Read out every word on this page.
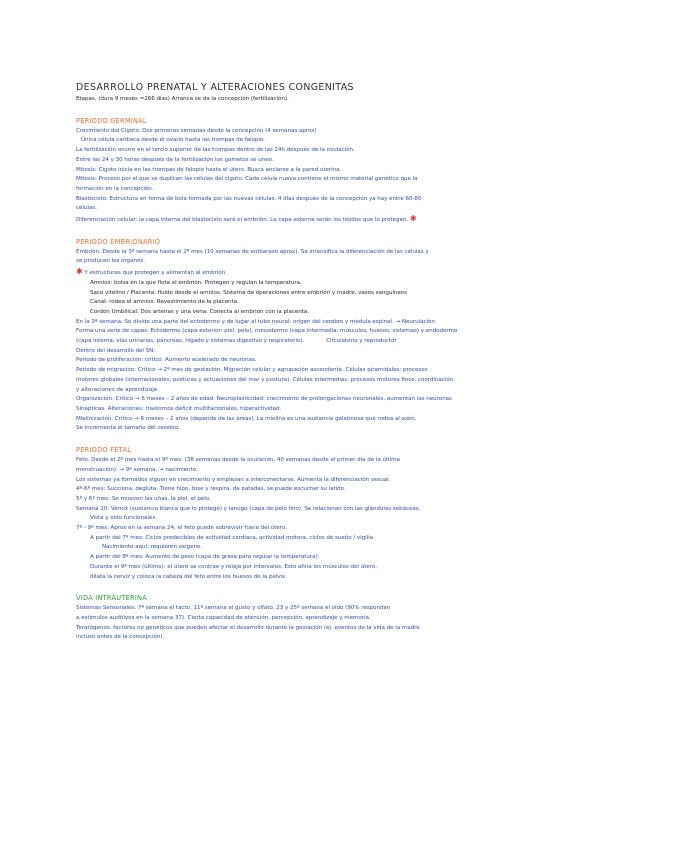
DESARROLLO PRENATAL Y ALTERACIONES CONGENITAS
Etapas. (dura 9 meses ≈266 días) Arranca se da la concepción (fertilización).
PERIODO GERMINAL
Crecimiento del Cigoto. Dos primeras semanas desde la concepción (4 semanas aprox)
Única célula cardiaca desde el ovario hasta las trompas de falopio.
La fertilización ocurre en el tercio superior de las trompas dentro de las 24h después de la ovulación.
Entre las 24 y 30 horas después de la fertilización los gametos se unen.
Mitosis: Cigoto inicia en las trompas de falopio hasta el útero. Busca anclarse a la pared uterina.
Mitosis: Proceso por el que se duplican las células del cigoto. Cada célula nueva contiene el mismo material genético que la
formación en la concepción.
Blastocisto: Estructura en forma de bola formada por las nuevas células. 4 días después de la concepción ya hay entre 60-80
células.
Diferenciación celular: la capa interna del blastocisto será el embrión. La capa externa serán los tejidos que lo protegen. ✱
PERIODO EMBRIONARIO
Embrión. Desde la 3ª semana hasta el 2º mes (10 semanas de embarazo aprox). Se intensifica la diferenciación de las células y
se producen los órganos.
✱ Y estructuras que protegen y alimentan al embrión.
Amnios: bolsa en la que flota el embrión. Protegen y regulan la temperatura.
Saco vitelino / Placenta: fluido desde el amnios. Sistema de operaciones entre embrión y madre, vasos sanguíneos
Canal: rodea el amnios. Revestimiento de la placenta.
Cordón Umbilical: Dos arterias y una vena. Conecta al embrión con la placenta.
En la 3ª semana. Se divide una parte del ectodermo y de lugar al tubo neural: origen del cerebro y médula espinal. → Neurulación
Forma una serie de capas: Ectodermo (capa exterior: piel, pelo), mesodermo (capa intermedia: músculos, huesos, sistemas) y endodermo
(capa interna: vías urinarias, páncreas, hígado y sistemas digestivo y respiratorio).	Circulatorio y reproductor
Dentro del desarrollo del SN:
Período de proliferación: crítico. Aumento acelerado de neuronas.
Período de migración: Crítico → 2º mes de gestación. Migración celular y agrupación ascendente. Células piramidales: procesos
motores globales (internacionales, posturas y actuaciones del mar y postura). Células intermedias: procesos motores finos, coordinación
y alteraciones de aprendizaje.
Organización: Crítico → 6 meses – 2 años de edad. Neuroplasticidad: crecimiento de prolongaciones neuronales, aumentan las neuronas
Sinápticas. Alteraciones: trastornos déficit multifactoriales, hiperactividad.
Mielinización: Crítico → 6 meses – 2 años (depende de las áreas). La mielina es una sustancia gelatinosa que rodea al axón.
Se incrementa el tamaño del cerebro.
PERIODO FETAL
Feto. Desde el 2º mes hasta el 9º mes. (38 semanas desde la ovulación, 40 semanas desde el primer día de la última
menstruación). → 9ª semana. → nacimiento.
Los sistemas ya formados siguen en crecimiento y empiezan a interconectarse. Aumenta la diferenciación sexual.
4º-6º mes: Succiona, degluta. Tiene hipo, tose y respira, da patadas, se puede escuchar su latido.
5º y 6º mes: Se mueven las uñas, la piel, el pelo.
Semana 20: Vérnix (sustancia blanca que lo protege) y lanugo (capa de pelo fino). Se relacionan con las glándulas sebáceas.
Vista y oído funcionales.
7º - 9º mes: Aprox en la semana 24, el feto puede sobrevivir fuera del útero.
A partir del 7º mes: Ciclos predecibles de actividad cardíaca, actividad motora, ciclos de sueño / vigilia.
Nacimiento aquí: requieren oxígeno.
A partir del 8º mes: Aumento de peso (capa de grasa para regular la temperatura).
Durante el 9º mes (último): el útero se contrae y relaja por intervalos. Esto afina los músculos del útero,
dilata la cerviz y coloca la cabeza del feto entre los huesos de la pelvis.
VIDA INTRAUTERINA
Sistemas Sensoriales: 7ª semana el tacto, 11ª semana el gusto y olfato, 23 y 25ª semana el oído (90% responden
a estímulos auditivos en la semana 37). Cierta capacidad de atención, percepción, aprendizaje y memoria.
Teratógenos: factores no genéticos que pueden afectar el desarrollo durante la gestación (ej. eventos de la vida de la madre
incluso antes de la concepción).
